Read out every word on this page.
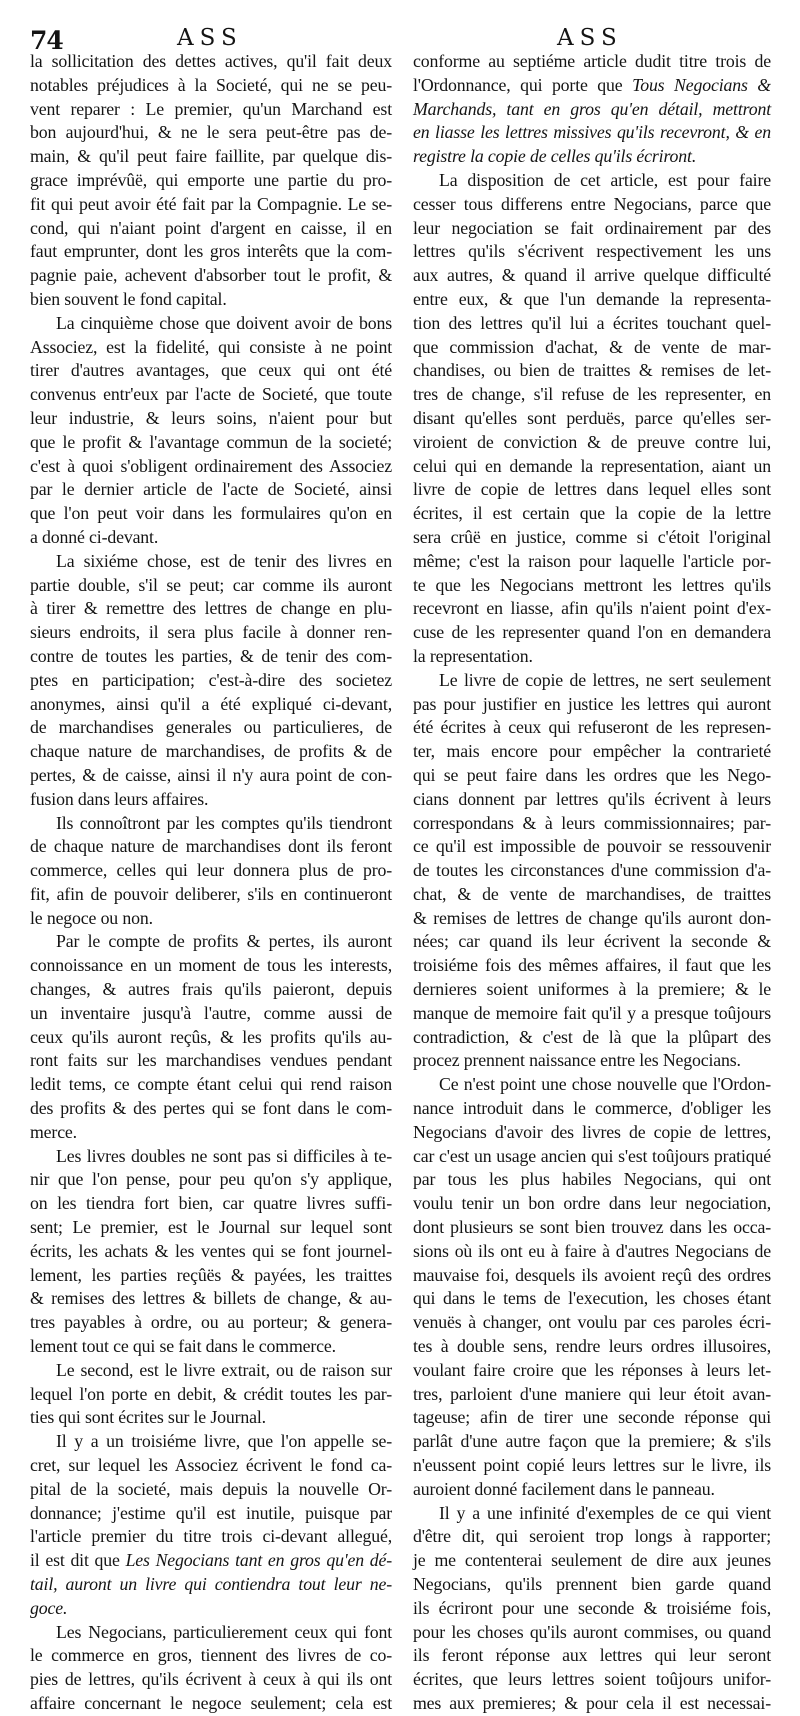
74	ASS	ASS
la sollicitation des dettes actives, qu'il fait deux
notables préjudices à la Societé, qui ne se peu-
vent reparer : Le premier, qu'un Marchand est
bon aujourd'hui, & ne le sera peut-être pas de-
main, & qu'il peut faire faillite, par quelque dis-
grace imprévûë, qui emporte une partie du pro-
fit qui peut avoir été fait par la Compagnie. Le se-
cond, qui n'aiant point d'argent en caisse, il en
faut emprunter, dont les gros interêts que la com-
pagnie paie, achevent d'absorber tout le profit, &
bien souvent le fond capital.
La cinquième chose que doivent avoir de bons
Associez, est la fidelité, qui consiste à ne point
tirer d'autres avantages, que ceux qui ont été
convenus entr'eux par l'acte de Societé, que toute
leur industrie, & leurs soins, n'aient pour but
que le profit & l'avantage commun de la societé;
c'est à quoi s'obligent ordinairement des Associez
par le dernier article de l'acte de Societé, ainsi
que l'on peut voir dans les formulaires qu'on en
a donné ci-devant.
La sixiéme chose, est de tenir des livres en
partie double, s'il se peut; car comme ils auront
à tirer & remettre des lettres de change en plu-
sieurs endroits, il sera plus facile à donner ren-
contre de toutes les parties, & de tenir des com-
ptes en participation; c'est-à-dire des societez
anonymes, ainsi qu'il a été expliqué ci-devant,
de marchandises generales ou particulieres, de
chaque nature de marchandises, de profits & de
pertes, & de caisse, ainsi il n'y aura point de con-
fusion dans leurs affaires.
Ils connoîtront par les comptes qu'ils tiendront
de chaque nature de marchandises dont ils feront
commerce, celles qui leur donnera plus de pro-
fit, afin de pouvoir deliberer, s'ils en continueront
le negoce ou non.
Par le compte de profits & pertes, ils auront
connoissance en un moment de tous les interests,
changes, & autres frais qu'ils paieront, depuis
un inventaire jusqu'à l'autre, comme aussi de
ceux qu'ils auront reçûs, & les profits qu'ils au-
ront faits sur les marchandises vendues pendant
ledit tems, ce compte étant celui qui rend raison
des profits & des pertes qui se font dans le com-
merce.
Les livres doubles ne sont pas si difficiles à te-
nir que l'on pense, pour peu qu'on s'y applique,
on les tiendra fort bien, car quatre livres suffi-
sent; Le premier, est le Journal sur lequel sont
écrits, les achats & les ventes qui se font journel-
lement, les parties reçûës & payées, les traittes
& remises des lettres & billets de change, & au-
tres payables à ordre, ou au porteur; & genera-
lement tout ce qui se fait dans le commerce.
Le second, est le livre extrait, ou de raison sur
lequel l'on porte en debit, & crédit toutes les par-
ties qui sont écrites sur le Journal.
Il y a un troisiéme livre, que l'on appelle se-
cret, sur lequel les Associez écrivent le fond ca-
pital de la societé, mais depuis la nouvelle Or-
donnance; j'estime qu'il est inutile, puisque par
l'article premier du titre trois ci-devant allegué,
il est dit que Les Negocians tant en gros qu'en dé-
tail, auront un livre qui contiendra tout leur ne-
goce.
Les Negocians, particulierement ceux qui font
le commerce en gros, tiennent des livres de co-
pies de lettres, qu'ils écrivent à ceux à qui ils ont
affaire concernant le negoce seulement; cela est
conforme au septiéme article dudit titre trois de
l'Ordonnance, qui porte que Tous Negocians &
Marchands, tant en gros qu'en détail, mettront
en liasse les lettres missives qu'ils recevront, & en
registre la copie de celles qu'ils écriront.
La disposition de cet article, est pour faire
cesser tous differens entre Negocians, parce que
leur negociation se fait ordinairement par des
lettres qu'ils s'écrivent respectivement les uns
aux autres, & quand il arrive quelque difficulté
entre eux, & que l'un demande la representa-
tion des lettres qu'il lui a écrites touchant quel-
que commission d'achat, & de vente de mar-
chandises, ou bien de traittes & remises de let-
tres de change, s'il refuse de les representer, en
disant qu'elles sont perduës, parce qu'elles ser-
viroient de conviction & de preuve contre lui,
celui qui en demande la representation, aiant un
livre de copie de lettres dans lequel elles sont
écrites, il est certain que la copie de la lettre
sera crûë en justice, comme si c'étoit l'original
même; c'est la raison pour laquelle l'article por-
te que les Negocians mettront les lettres qu'ils
recevront en liasse, afin qu'ils n'aient point d'ex-
cuse de les representer quand l'on en demandera
la representation.
Le livre de copie de lettres, ne sert seulement
pas pour justifier en justice les lettres qui auront
été écrites à ceux qui refuseront de les represen-
ter, mais encore pour empêcher la contrarieté
qui se peut faire dans les ordres que les Nego-
cians donnent par lettres qu'ils écrivent à leurs
correspondans & à leurs commissionnaires; par-
ce qu'il est impossible de pouvoir se ressouvenir
de toutes les circonstances d'une commission d'a-
chat, & de vente de marchandises, de traittes
& remises de lettres de change qu'ils auront don-
nées; car quand ils leur écrivent la seconde &
troisiéme fois des mêmes affaires, il faut que les
dernieres soient uniformes à la premiere; & le
manque de memoire fait qu'il y a presque toûjours
contradiction, & c'est de là que la plûpart des
procez prennent naissance entre les Negocians.
Ce n'est point une chose nouvelle que l'Ordon-
nance introduit dans le commerce, d'obliger les
Negocians d'avoir des livres de copie de lettres,
car c'est un usage ancien qui s'est toûjours pratiqué
par tous les plus habiles Negocians, qui ont
voulu tenir un bon ordre dans leur negociation,
dont plusieurs se sont bien trouvez dans les occa-
sions où ils ont eu à faire à d'autres Negocians de
mauvaise foi, desquels ils avoient reçû des ordres
qui dans le tems de l'execution, les choses étant
venuës à changer, ont voulu par ces paroles écri-
tes à double sens, rendre leurs ordres illusoires,
voulant faire croire que les réponses à leurs let-
tres, parloient d'une maniere qui leur étoit avan-
tageuse; afin de tirer une seconde réponse qui
parlât d'une autre façon que la premiere; & s'ils
n'eussent point copié leurs lettres sur le livre, ils
auroient donné facilement dans le panneau.
Il y a une infinité d'exemples de ce qui vient
d'être dit, qui seroient trop longs à rapporter;
je me contenterai seulement de dire aux jeunes
Negocians, qu'ils prennent bien garde quand
ils écriront pour une seconde & troisiéme fois,
pour les choses qu'ils auront commises, ou quand
ils feront réponse aux lettres qui leur seront
écrites, que leurs lettres soient toûjours unifor-
mes aux premieres; & pour cela il est necessai-
